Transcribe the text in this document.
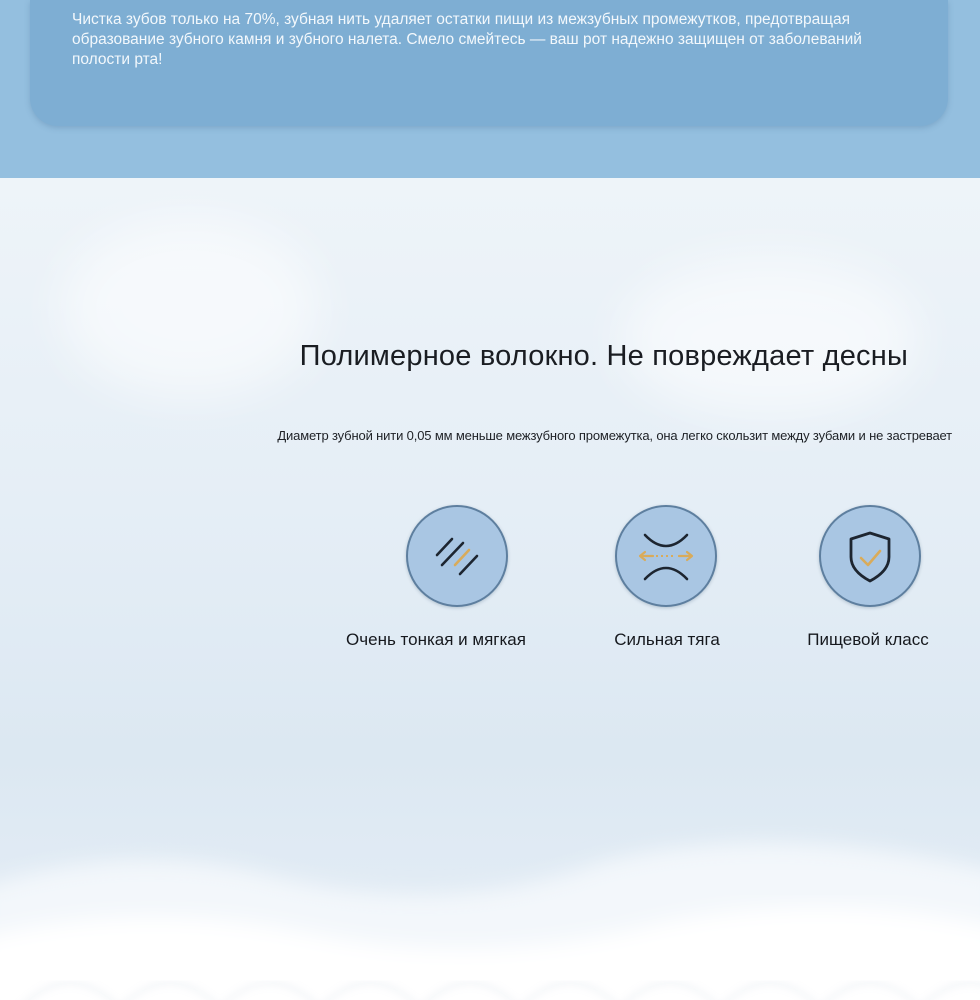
Чистка зубов только на 70%, зубная нить удаляет остатки пищи из межзубных промежутков, предотвращая образование зубного камня и зубного налета. Смело смейтесь — ваш рот надежно защищен от заболеваний полости рта!

Полимерное волокно. Не повреждает десны

Диаметр зубной нити 0,05 мм меньше межзубного промежутка, она легко скользит между зубами и не застревает

Очень тонкая и мягкая	Сильная тяга	Пищевой класс
